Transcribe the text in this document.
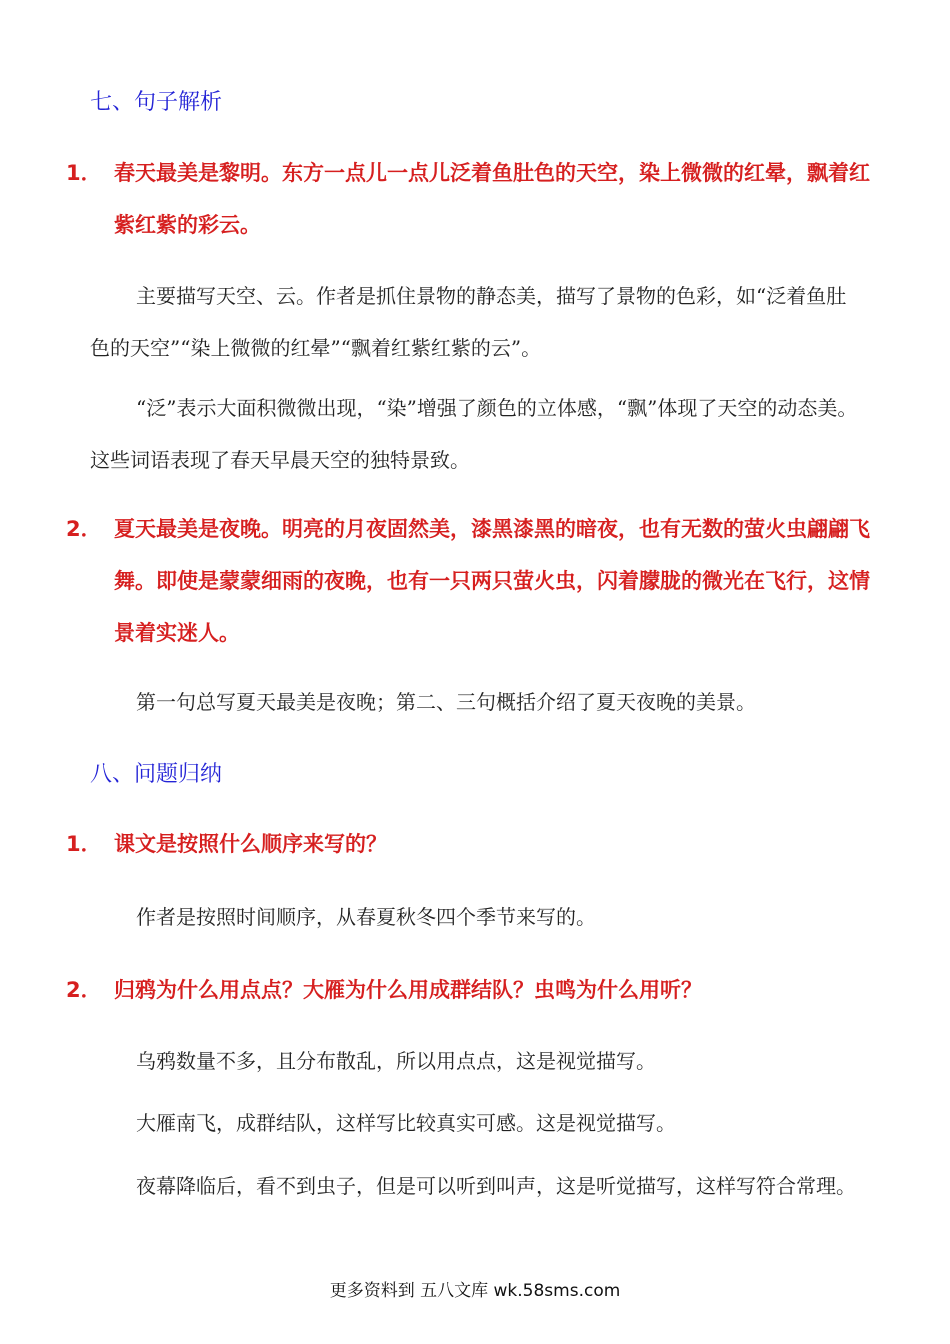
七、句子解析
1． 春天最美是黎明。东方一点儿一点儿泛着鱼肚色的天空，染上微微的红晕，飘着红紫红紫的彩云。
主要描写天空、云。作者是抓住景物的静态美，描写了景物的色彩，如“泛着鱼肚色的天空”“染上微微的红晕”“飘着红紫红紫的云”。
“泛”表示大面积微微出现，“染”增强了颜色的立体感，“飘”体现了天空的动态美。这些词语表现了春天早晨天空的独特景致。
2． 夏天最美是夜晚。明亮的月夜固然美，漆黑漆黑的暗夜，也有无数的萤火虫翩翩飞舞。即使是蒙蒙细雨的夜晚，也有一只两只萤火虫，闪着朦胧的微光在飞行，这情景着实迷人。
第一句总写夏天最美是夜晚；第二、三句概括介绍了夏天夜晚的美景。
八、问题归纳
1． 课文是按照什么顺序来写的？
作者是按照时间顺序，从春夏秋冬四个季节来写的。
2． 归鸦为什么用点点？大雁为什么用成群结队？虫鸣为什么用听？
乌鸦数量不多，且分布散乱，所以用点点，这是视觉描写。
大雁南飞，成群结队，这样写比较真实可感。这是视觉描写。
夜幕降临后，看不到虫子，但是可以听到叫声，这是听觉描写，这样写符合常理。
更多资料到 五八文库 wk.58sms.com
